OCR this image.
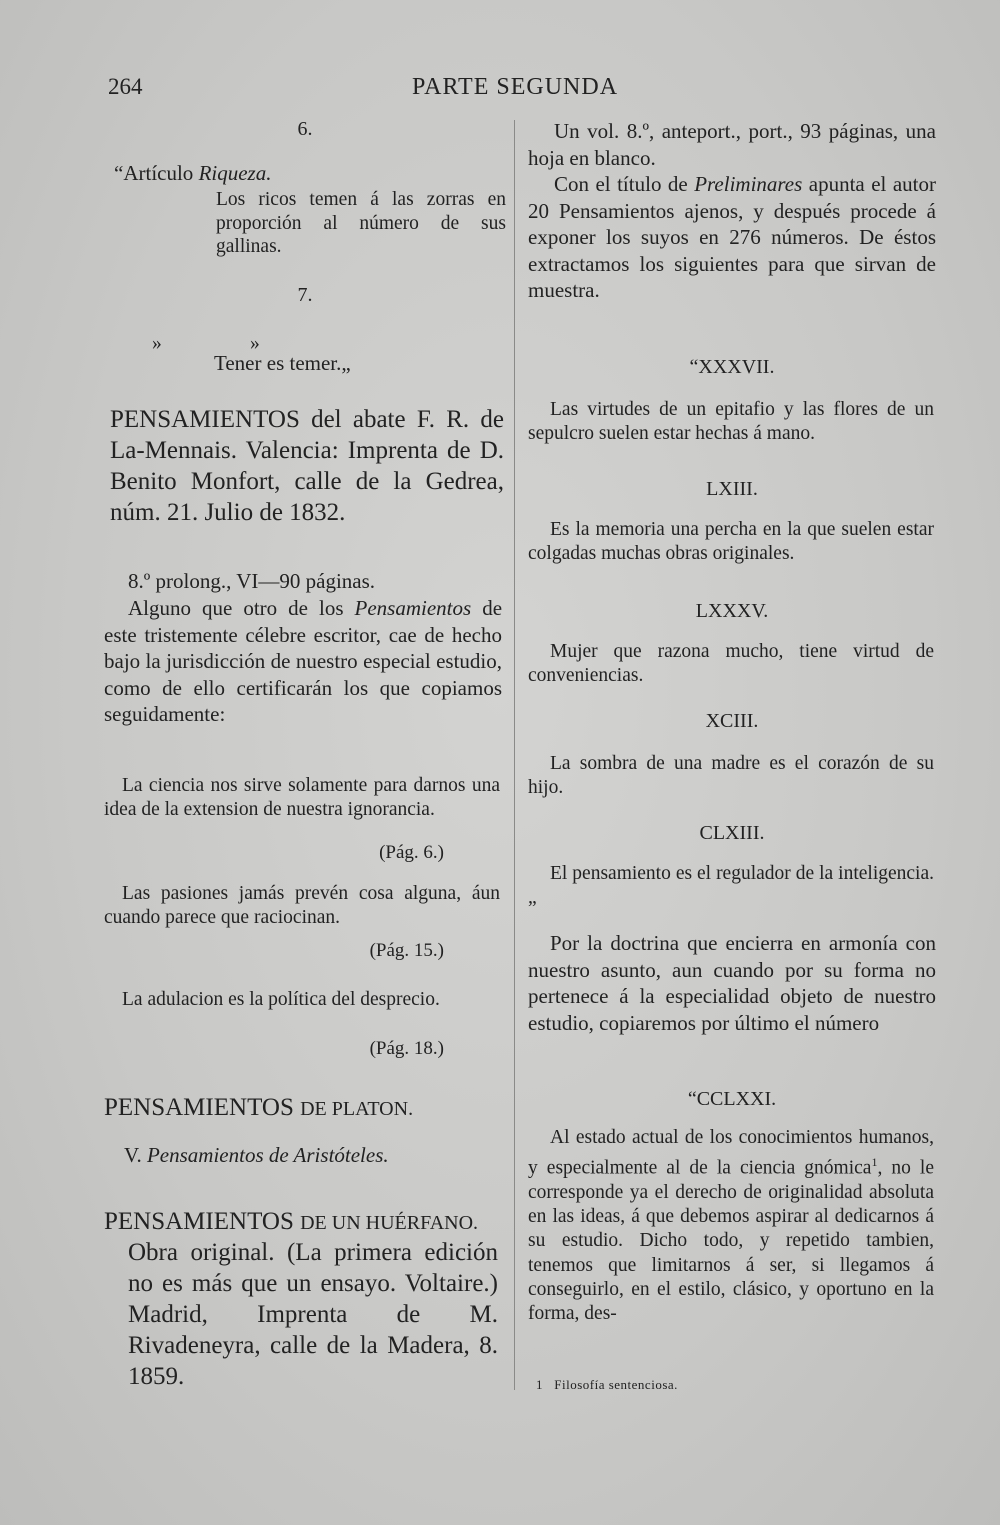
264	PARTE SEGUNDA

6.

“Artículo Riqueza.

Los ricos temen á las zorras en proporción al número de sus gallinas.

7.

»	»

Tener es temer.„

PENSAMIENTOS del abate F. R. de La-Mennais. Valencia: Imprenta de D. Benito Monfort, calle de la Gedrea, núm. 21. Julio de 1832.

8.º prolong., VI—90 páginas.

Alguno que otro de los Pensamientos de este tristemente célebre escritor, cae de hecho bajo la jurisdicción de nuestro especial estudio, como de ello certificarán los que copiamos seguidamente:

La ciencia nos sirve solamente para darnos una idea de la extension de nuestra ignorancia.

(Pág. 6.)

Las pasiones jamás prevén cosa alguna, áun cuando parece que raciocinan.

(Pág. 15.)

La adulacion es la política del desprecio.

(Pág. 18.)

PENSAMIENTOS DE PLATON.

V. Pensamientos de Aristóteles.

PENSAMIENTOS DE UN HUÉRFANO.

Obra original. (La primera edición no es más que un ensayo. Voltaire.) Madrid, Imprenta de M. Rivadeneyra, calle de la Madera, 8. 1859.

Un vol. 8.º, anteport., port., 93 páginas, una hoja en blanco.

Con el título de Preliminares apunta el autor 20 Pensamientos ajenos, y después procede á exponer los suyos en 276 números. De éstos extractamos los siguientes para que sirvan de muestra.

“XXXVII.

Las virtudes de un epitafio y las flores de un sepulcro suelen estar hechas á mano.

LXIII.

Es la memoria una percha en la que suelen estar colgadas muchas obras originales.

LXXXV.

Mujer que razona mucho, tiene virtud de conveniencias.

XCIII.

La sombra de una madre es el corazón de su hijo.

CLXIII.

El pensamiento es el regulador de la inteligencia.„

Por la doctrina que encierra en armonía con nuestro asunto, aun cuando por su forma no pertenece á la especialidad objeto de nuestro estudio, copiaremos por último el número

“CCLXXI.

Al estado actual de los conocimientos humanos, y especialmente al de la ciencia gnómica$^1$, no le corresponde ya el derecho de originalidad absoluta en las ideas, á que debemos aspirar al dedicarnos á su estudio. Dicho todo, y repetido tambien, tenemos que limitarnos á ser, si llegamos á conseguirlo, en el estilo, clásico, y oportuno en la forma, des-

1 Filosofía sentenciosa.
